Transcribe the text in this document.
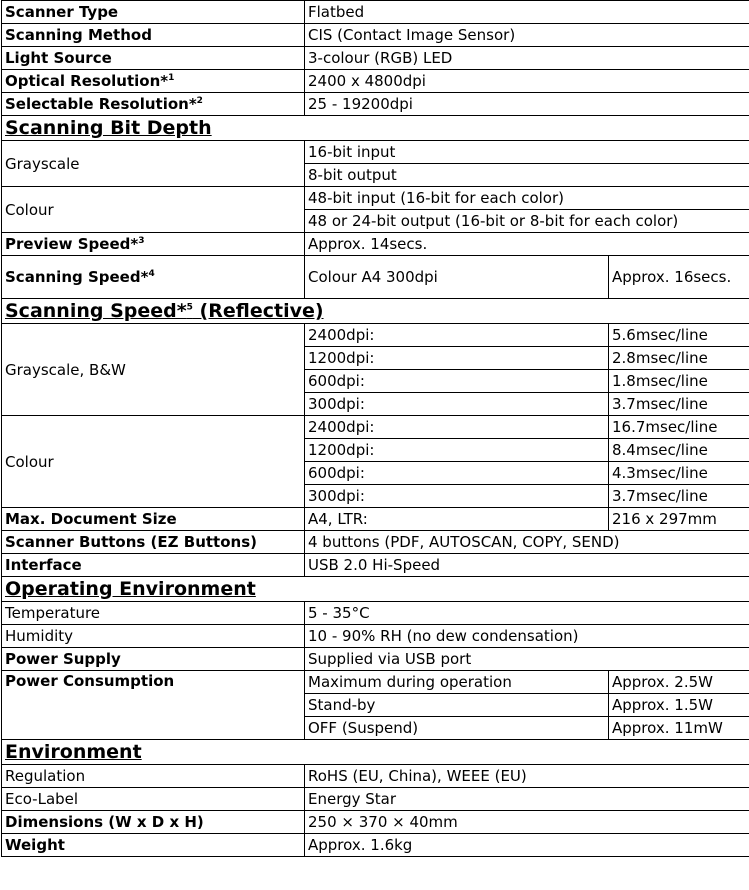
Scanner Type	Flatbed	
Scanning Method	CIS (Contact Image Sensor)	
Light Source	3-colour (RGB) LED	
Optical Resolution*$^1$	2400 x 4800dpi	
Selectable Resolution*$^2$	25 - 19200dpi	
Scanning Bit Depth		
Grayscale	16-bit input	
	8-bit output	
Colour	48-bit input (16-bit for each color)	
	48 or 24-bit output (16-bit or 8-bit for each color)	
Preview Speed*$^3$	Approx. 14secs.	
Scanning Speed*$^4$	Colour A4 300dpi	Approx. 16secs.
Scanning Speed*$^5$ (Reflective)		
Grayscale, B&W	2400dpi:	5.6msec/line
	1200dpi:	2.8msec/line
	600dpi:	1.8msec/line
	300dpi:	3.7msec/line
Colour	2400dpi:	16.7msec/line
	1200dpi:	8.4msec/line
	600dpi:	4.3msec/line
	300dpi:	3.7msec/line
Max. Document Size	A4, LTR:	216 x 297mm
Scanner Buttons (EZ Buttons)	4 buttons (PDF, AUTOSCAN, COPY, SEND)	
Interface	USB 2.0 Hi-Speed	
Operating Environment		
Temperature	5 - 35°C	
Humidity	10 - 90% RH (no dew condensation)	
Power Supply	Supplied via USB port	
Power Consumption	Maximum during operation	Approx. 2.5W
	Stand-by	Approx. 1.5W
	OFF (Suspend)	Approx. 11mW
Environment		
Regulation	RoHS (EU, China), WEEE (EU)	
Eco-Label	Energy Star	
Dimensions (W x D x H)	250 × 370 × 40mm	
Weight	Approx. 1.6kg	
